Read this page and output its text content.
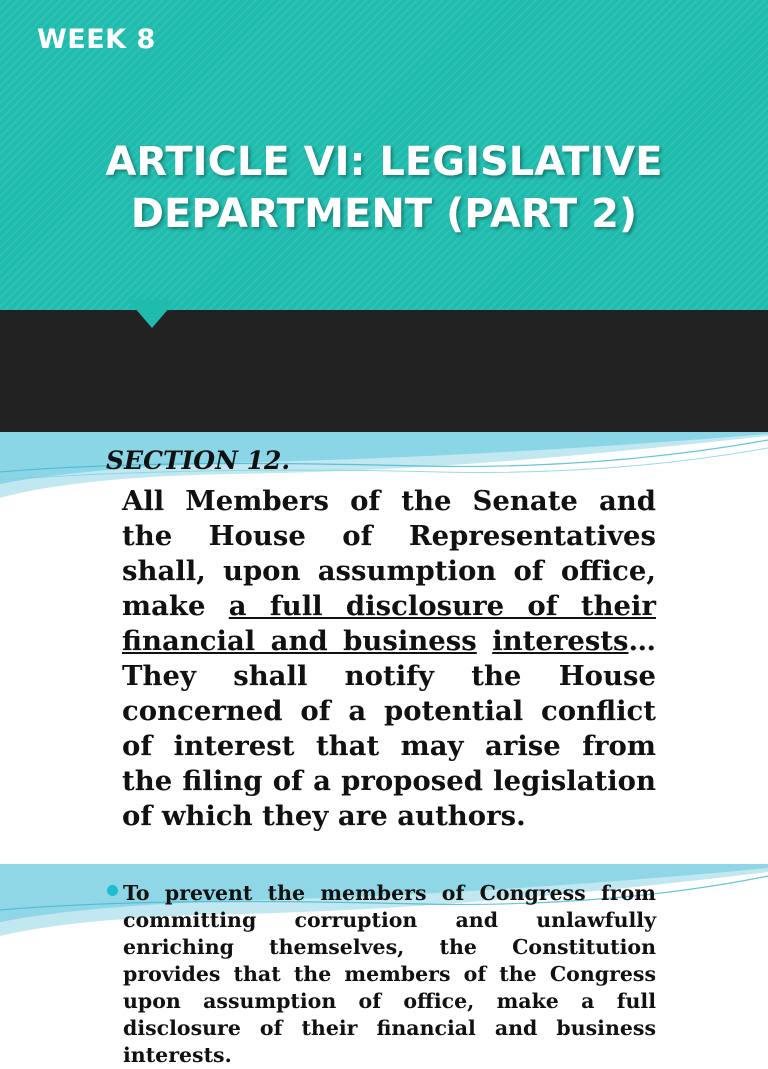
WEEK 8
ARTICLE VI: LEGISLATIVE
DEPARTMENT (PART 2)
SECTION 12.
All Members of the Senate and the House of Representatives shall, upon assumption of office, make a full disclosure of their financial and business interests… They shall notify the House concerned of a potential conflict of interest that may arise from the filing of a proposed legislation of which they are authors.
To prevent the members of Congress from committing corruption and unlawfully enriching themselves, the Constitution provides that the members of the Congress upon assumption of office, make a full disclosure of their financial and business interests.
